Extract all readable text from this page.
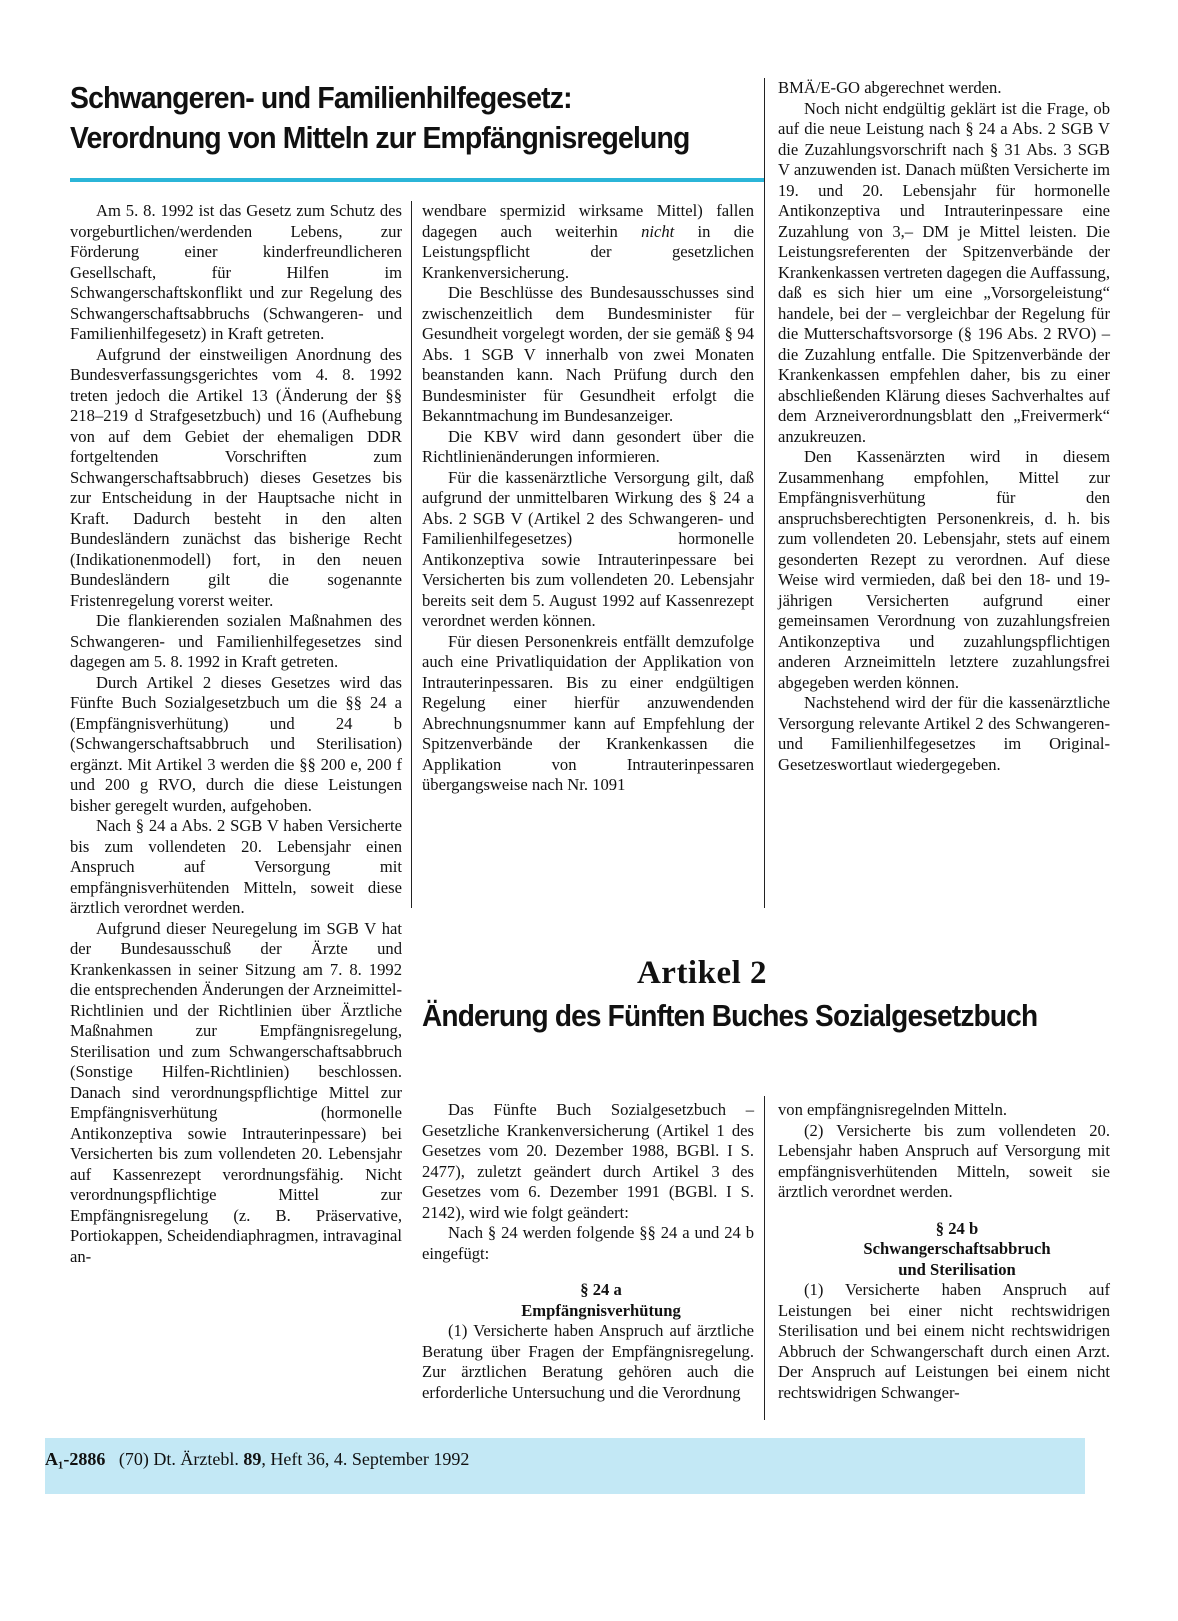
Schwangeren- und Familienhilfegesetz:
Verordnung von Mitteln zur Empfängnisregelung

Am 5. 8. 1992 ist das Gesetz zum Schutz des vorgeburtlichen/werdenden Lebens, zur Förderung einer kinderfreundlicheren Gesellschaft, für Hilfen im Schwangerschaftskonflikt und zur Regelung des Schwangerschaftsabbruchs (Schwangeren- und Familienhilfegesetz) in Kraft getreten.

Aufgrund der einstweiligen Anordnung des Bundesverfassungsgerichtes vom 4. 8. 1992 treten jedoch die Artikel 13 (Änderung der §§ 218–219 d Strafgesetzbuch) und 16 (Aufhebung von auf dem Gebiet der ehemaligen DDR fortgeltenden Vorschriften zum Schwangerschaftsabbruch) dieses Gesetzes bis zur Entscheidung in der Hauptsache nicht in Kraft. Dadurch besteht in den alten Bundesländern zunächst das bisherige Recht (Indikationenmodell) fort, in den neuen Bundesländern gilt die sogenannte Fristenregelung vorerst weiter.

Die flankierenden sozialen Maßnahmen des Schwangeren- und Familienhilfegesetzes sind dagegen am 5. 8. 1992 in Kraft getreten.

Durch Artikel 2 dieses Gesetzes wird das Fünfte Buch Sozialgesetzbuch um die §§ 24 a (Empfängnisverhütung) und 24 b (Schwangerschaftsabbruch und Sterilisation) ergänzt. Mit Artikel 3 werden die §§ 200 e, 200 f und 200 g RVO, durch die diese Leistungen bisher geregelt wurden, aufgehoben.

Nach § 24 a Abs. 2 SGB V haben Versicherte bis zum vollendeten 20. Lebensjahr einen Anspruch auf Versorgung mit empfängnisverhütenden Mitteln, soweit diese ärztlich verordnet werden.

Aufgrund dieser Neuregelung im SGB V hat der Bundesausschuß der Ärzte und Krankenkassen in seiner Sitzung am 7. 8. 1992 die entsprechenden Änderungen der Arzneimittel-Richtlinien und der Richtlinien über Ärztliche Maßnahmen zur Empfängnisregelung, Sterilisation und zum Schwangerschaftsabbruch (Sonstige Hilfen-Richtlinien) beschlossen. Danach sind verordnungspflichtige Mittel zur Empfängnisverhütung (hormonelle Antikonzeptiva sowie Intrauterinpessare) bei Versicherten bis zum vollendeten 20. Lebensjahr auf Kassenrezept verordnungsfähig. Nicht verordnungspflichtige Mittel zur Empfängnisregelung (z. B. Präservative, Portiokappen, Scheidendiaphragmen, intravaginal an-

wendbare spermizid wirksame Mittel) fallen dagegen auch weiterhin nicht in die Leistungspflicht der gesetzlichen Krankenversicherung.

Die Beschlüsse des Bundesausschusses sind zwischenzeitlich dem Bundesminister für Gesundheit vorgelegt worden, der sie gemäß § 94 Abs. 1 SGB V innerhalb von zwei Monaten beanstanden kann. Nach Prüfung durch den Bundesminister für Gesundheit erfolgt die Bekanntmachung im Bundesanzeiger.

Die KBV wird dann gesondert über die Richtlinienänderungen informieren.

Für die kassenärztliche Versorgung gilt, daß aufgrund der unmittelbaren Wirkung des § 24 a Abs. 2 SGB V (Artikel 2 des Schwangeren- und Familienhilfegesetzes) hormonelle Antikonzeptiva sowie Intrauterinpessare bei Versicherten bis zum vollendeten 20. Lebensjahr bereits seit dem 5. August 1992 auf Kassenrezept verordnet werden können.

Für diesen Personenkreis entfällt demzufolge auch eine Privatliquidation der Applikation von Intrauterinpessaren. Bis zu einer endgültigen Regelung einer hierfür anzuwendenden Abrechnungsnummer kann auf Empfehlung der Spitzenverbände der Krankenkassen die Applikation von Intrauterinpessaren übergangsweise nach Nr. 1091

BMÄ/E-GO abgerechnet werden.

Noch nicht endgültig geklärt ist die Frage, ob auf die neue Leistung nach § 24 a Abs. 2 SGB V die Zuzahlungsvorschrift nach § 31 Abs. 3 SGB V anzuwenden ist. Danach müßten Versicherte im 19. und 20. Lebensjahr für hormonelle Antikonzeptiva und Intrauterinpessare eine Zuzahlung von 3,– DM je Mittel leisten. Die Leistungsreferenten der Spitzenverbände der Krankenkassen vertreten dagegen die Auffassung, daß es sich hier um eine „Vorsorgeleistung“ handele, bei der – vergleichbar der Regelung für die Mutterschaftsvorsorge (§ 196 Abs. 2 RVO) – die Zuzahlung entfalle. Die Spitzenverbände der Krankenkassen empfehlen daher, bis zu einer abschließenden Klärung dieses Sachverhaltes auf dem Arzneiverordnungsblatt den „Freivermerk“ anzukreuzen.

Den Kassenärzten wird in diesem Zusammenhang empfohlen, Mittel zur Empfängnisverhütung für den anspruchsberechtigten Personenkreis, d. h. bis zum vollendeten 20. Lebensjahr, stets auf einem gesonderten Rezept zu verordnen. Auf diese Weise wird vermieden, daß bei den 18- und 19-jährigen Versicherten aufgrund einer gemeinsamen Verordnung von zuzahlungsfreien Antikonzeptiva und zuzahlungspflichtigen anderen Arzneimitteln letztere zuzahlungsfrei abgegeben werden können.

Nachstehend wird der für die kassenärztliche Versorgung relevante Artikel 2 des Schwangeren- und Familienhilfegesetzes im Original-Gesetzeswortlaut wiedergegeben.

Artikel 2
Änderung des Fünften Buches Sozialgesetzbuch

Das Fünfte Buch Sozialgesetzbuch – Gesetzliche Krankenversicherung (Artikel 1 des Gesetzes vom 20. Dezember 1988, BGBl. I S. 2477), zuletzt geändert durch Artikel 3 des Gesetzes vom 6. Dezember 1991 (BGBl. I S. 2142), wird wie folgt geändert:

Nach § 24 werden folgende §§ 24 a und 24 b eingefügt:

§ 24 a

Empfängnisverhütung

(1) Versicherte haben Anspruch auf ärztliche Beratung über Fragen der Empfängnisregelung. Zur ärztlichen Beratung gehören auch die erforderliche Untersuchung und die Verordnung

von empfängnisregelnden Mitteln.

(2) Versicherte bis zum vollendeten 20. Lebensjahr haben Anspruch auf Versorgung mit empfängnisverhütenden Mitteln, soweit sie ärztlich verordnet werden.

§ 24 b

Schwangerschaftsabbruch

und Sterilisation

(1) Versicherte haben Anspruch auf Leistungen bei einer nicht rechtswidrigen Sterilisation und bei einem nicht rechtswidrigen Abbruch der Schwangerschaft durch einen Arzt. Der Anspruch auf Leistungen bei einem nicht rechtswidrigen Schwanger-

A₁-2886 (70) Dt. Ärztebl. 89, Heft 36, 4. September 1992
